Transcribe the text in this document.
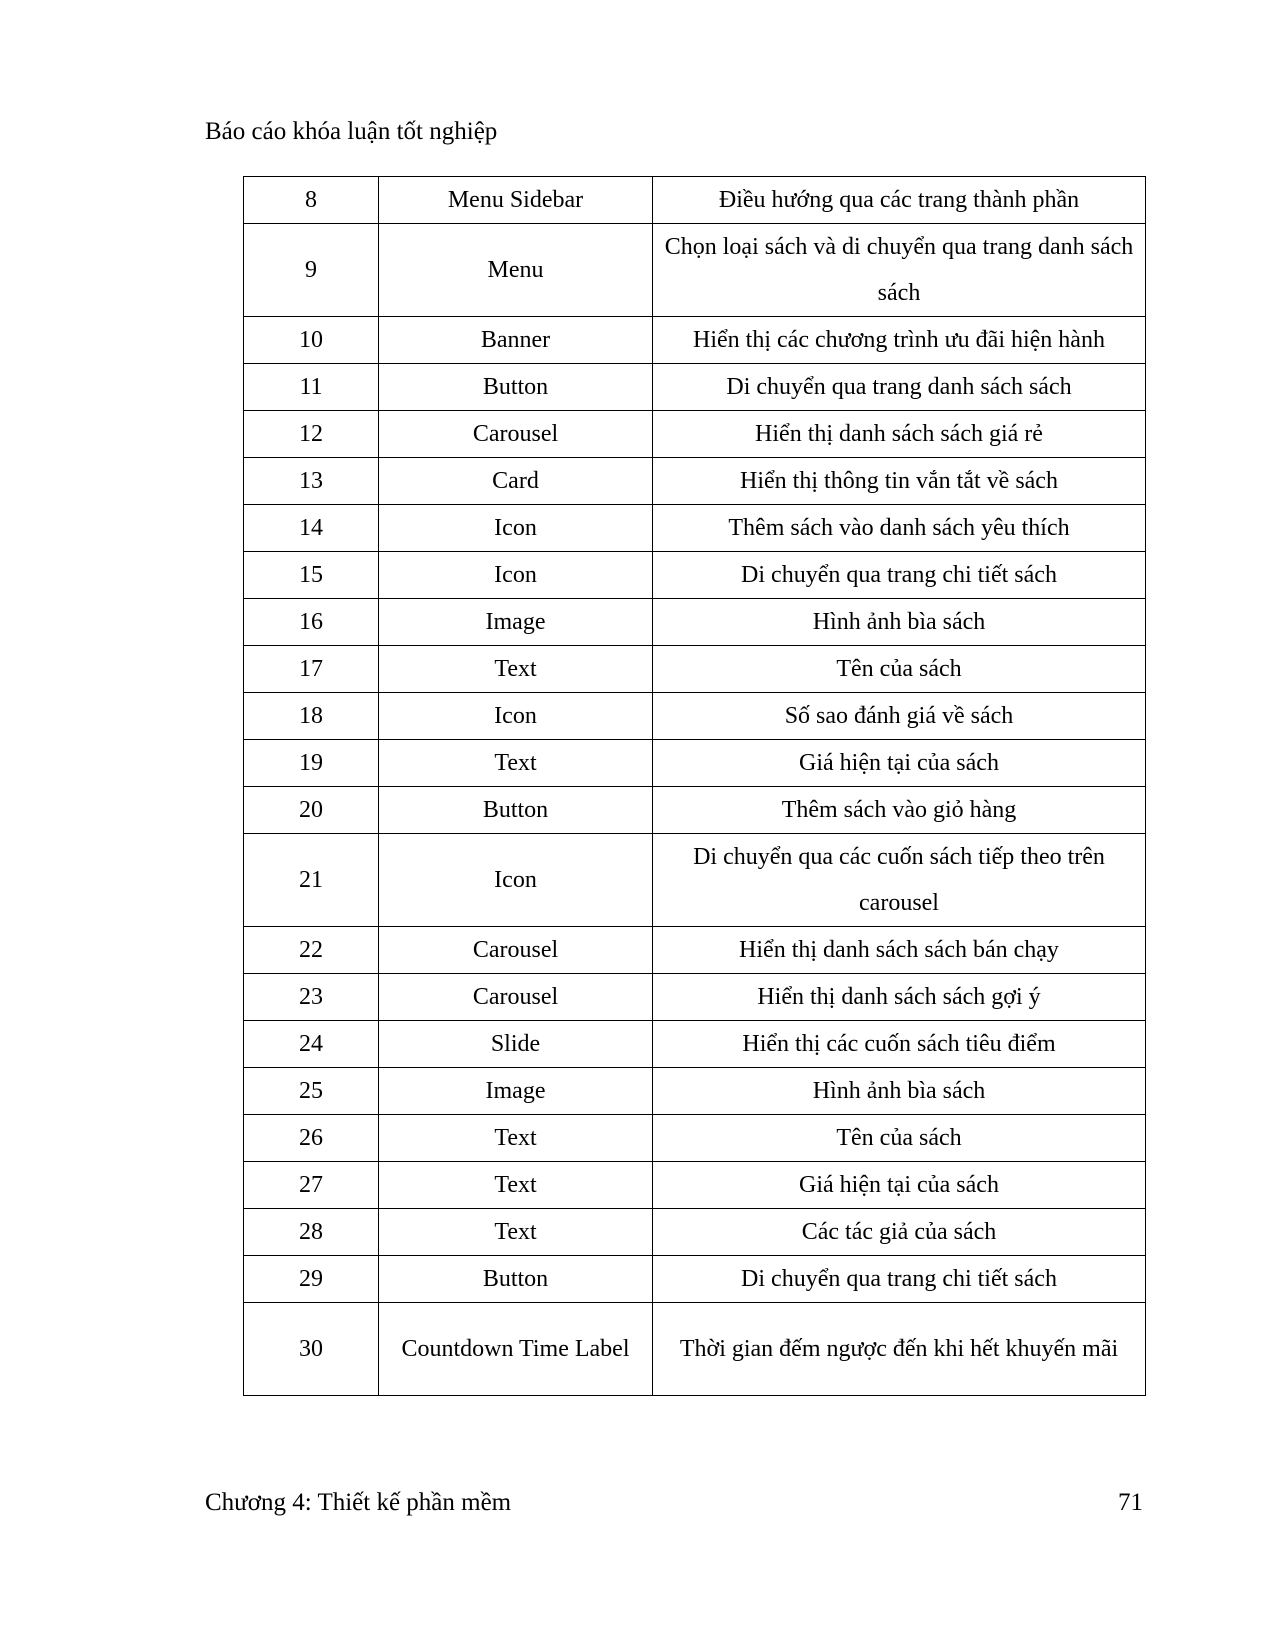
Báo cáo khóa luận tốt nghiệp
8	Menu Sidebar	Điều hướng qua các trang thành phần
9	Menu	Chọn loại sách và di chuyển qua trang danh sách sách
10	Banner	Hiển thị các chương trình ưu đãi hiện hành
11	Button	Di chuyển qua trang danh sách sách
12	Carousel	Hiển thị danh sách sách giá rẻ
13	Card	Hiển thị thông tin vắn tắt về sách
14	Icon	Thêm sách vào danh sách yêu thích
15	Icon	Di chuyển qua trang chi tiết sách
16	Image	Hình ảnh bìa sách
17	Text	Tên của sách
18	Icon	Số sao đánh giá về sách
19	Text	Giá hiện tại của sách
20	Button	Thêm sách vào giỏ hàng
21	Icon	Di chuyển qua các cuốn sách tiếp theo trên carousel
22	Carousel	Hiển thị danh sách sách bán chạy
23	Carousel	Hiển thị danh sách sách gợi ý
24	Slide	Hiển thị các cuốn sách tiêu điểm
25	Image	Hình ảnh bìa sách
26	Text	Tên của sách
27	Text	Giá hiện tại của sách
28	Text	Các tác giả của sách
29	Button	Di chuyển qua trang chi tiết sách
30	Countdown Time Label	Thời gian đếm ngược đến khi hết khuyến mãi
Chương 4: Thiết kế phần mềm	71
